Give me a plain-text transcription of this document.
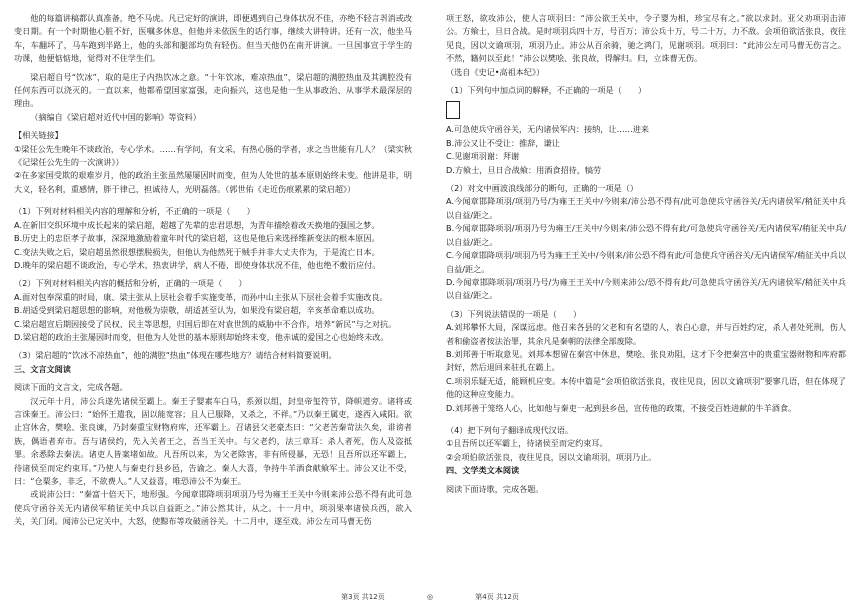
他的每篇讲稿都认真准备，绝不马虎。凡已定好的演讲，即便遇到自己身体状况不佳，亦绝不轻言취消或改变日期。有一个时期他心脏不好，医嘱多休息，但他并未依医生的话行事，继续大讲特讲。还有一次，他坐马车，车翻坏了，马车跑到半路上，他的头部和腿部均负有轻伤。但当天他仍在南开讲演。一旦国事宣于学生的功课，他便惦惦地，觉得对不住学生们。

梁启超自号“饮冰”，取的是庄子内热饮冰之意。“十年饮冰，难凉热血”，梁启超的满腔热血及其满腔没有任何东西可以浇灭的。一直以来，他都希望国家富强，走向振兴，这也是他一生从事政治、从事学术最深层的理由。

（摘编自《梁启超对近代中国的影响》等资料）

【相关链接】

①梁任公先生晚年不谈政治，专心学术。……有学问，有文采，有热心肠的学者，求之当世能有几人？（梁实秋《记梁任公先生的一次演讲》）

②在多家国受欺的艰难岁月，他的政治主张虽然屡屡因时而变，但为人处世的基本原则始终未变。他讲是非，明大义，轻名利，重感情，胖于律己，担诚待人，光明磊落。（郭世佑《走近伤痕累累的梁启超》）

（1）下列对材料相关内容的理解和分析，不正确的一项是（　　）

A.在新旧交织环境中成长起来的梁启超，超越了先辈的忠君思想，为青年描绘着改天换地的强国之梦。

B.历史上的忠臣孝子故事，深深地激励着童年时代的梁启超，这也是他后来选择维新变法的根本原因。

C.变法失败之后，梁启超虽然很想摆脱损失，但他认为他然死于贼手并非大丈夫作为，于是流亡日本。

D.晚年的梁启超不谈政治，专心学术，热衷讲学，病人不倦，即使身体状况不佳，他也绝不敷衍应付。

（2）下列对材料相关内容的概括和分析，正确的一项是（　　）

A.面对包奉深重的时局，康、梁主张从上层社会着手实施变革，而孙中山主张从下层社会着手实施改良。

B.胡适受到梁启超思想的影响，对他极为崇敬，胡适甚至认为，如果没有梁启超，辛亥革命难以成功。

C.梁启超宣后期因接受了民权、民主等思想，归国后即在对袁世凯的威胁中不合作，培养“新民”与之对抗。

D.梁启超的政治主张屡因时而变，但他为人处世的基本原则却始终未变，他赤诚的爱国之心也始终未改。

（3）梁启超的“饮冰不凉热血”，他的满腔“热血”体现在哪些地方？请结合材料简要说明。

三、文言文阅读

阅读下面的文言文，完成各题。

汉元年十月，沛公兵遂先诸侯至霸上。秦王子婴素车白马，系颈以组，封皇帝玺符节，降帜道旁。诸将或言诛秦王。沛公曰：“始怀王遣我，固以能宽容；且人已服降，又杀之，不祥。”乃以秦王属吏，遂西入咸阳。欲止宫休舍，樊哙、张良谏，乃封秦重宝财物府库，还军霸上。召诸县父老豪杰曰：“父老苦秦苛法久矣，诽谤者族，偶语者弃市。吾与诸侯约，先入关者王之，吾当王关中。与父老约，法三章耳：杀人者死，伤人及盗抵罪。余悉除去秦法。诸吏人皆案堵如故。凡吾所以来，为父老除害，非有所侵暴，无恐！且吾所以还军霸上，待诸侯至而定约束耳。”乃使人与秦吏行县乡邑，告谕之。秦人大喜，争持牛羊酒食献飨军士。沛公又让不受，曰：“仓粟多，非乏，不欲费人。”人又益喜，唯恐沛公不为秦王。

或说沛公曰：“秦富十倍天下，地形强。今闻章邯降项羽项羽乃号为雍王王关中今则来沛公恐不得有此可急使兵守函谷关无内诸侯军稍征关中兵以自益距之。”沛公然其计，从之。十一月中，项羽果率诸侯兵西，欲入关，关门闭。闻沛公已定关中，大怒，使黥布等攻破函谷关。十二月中，遂至戏。沛公左司马曹无伤

项王怒，欲攻沛公，使人言项羽曰：“沛公欲王关中，令子婴为相，珍宝尽有之。”欲以求封。亚父劝项羽击沛公。方飨士，旦日合战。是时项羽兵四十万，号百万；沛公兵十万，号二十万，力不敌。会项伯欲活张良，夜往见良，因以文谕项羽，项羽乃止。沛公从百余骑，驰之鸿门，见谢项羽。项羽曰：“此沛公左司马曹无伤言之。不然，籍何以至此！”沛公以樊哙、张良故，得解归。归，立诛曹无伤。

（选自《史记•高祖本纪》）

（1）下列句中加点词的解释，不正确的一项是（　　）

A.可急使兵守函谷关，无内诸侯军内：接纳，让……进来

B.沛公又让不受让：推辞，谦让

C.见谢项羽谢：拜谢

D.方飨士，旦日合战飨：用酒食招待，犒劳

（2）对文中画波浪线部分的断句，正确的一项是（）

A.今闻章邯降项羽/项羽乃号/为雍王王关中/今则来/沛公恐不得有/此可急使兵守函谷关/无内诸侯军/稍征关中兵以自益/距之。

B.今闻章邯降项羽/项羽乃号为雍王/王关中/今则来/沛公恐不得有此/可急使兵守函谷关/无内诸侯军/稍征关中兵/以自益/距之。

C.今闻章邯降项羽/项羽乃号为雍王王关中/今则来/沛公恐不得有此/可急使兵守函谷关/无内诸侯军/稍征关中兵以自益/距之。

D.今闻章邯降项羽/项羽乃号/为雍王王关中/今则来沛公/恐不得有此/可急使兵守函谷关/无内诸侯军/稍征关中兵以自益/距之。

（3）下列说法错误的一项是（　　）

A.刘邦攀怀大局，深谋远虑。他召来各县的父老和有名望的人，表白心意，并与百姓约定，杀人者处死刑，伤人者和偷盗者按法治罪，其余凡是秦朝的法律全部废除。

B.刘邦善于听取意见。刘邦本想留在秦宫中休息，樊哙、张良劝阻，这才下令把秦宫中的贵重宝器财物和库府都封好，然后退回来驻扎在霸上。

C.项羽乐疑无适，能顾机应变。本传中篇是“会项伯欲活张良，夜往见良，因以文谕项羽”要寥几语，但在体现了他的这种应变能力。

D.刘邦善于笼络人心，比如他与秦吏一起到县乡邑，宣传他的政策，不接受百姓进献的牛羊酒食。

（4）把下列句子翻译成现代汉语。

①且吾所以还军霸上，待诸侯至而定约束耳。

②会项伯欲活张良，夜往见良，因以文谕项羽，项羽乃止。

四、文学类文本阅读

阅读下面诗歌，完成各题。

第3页 共12页	◎	第4页 共12页
